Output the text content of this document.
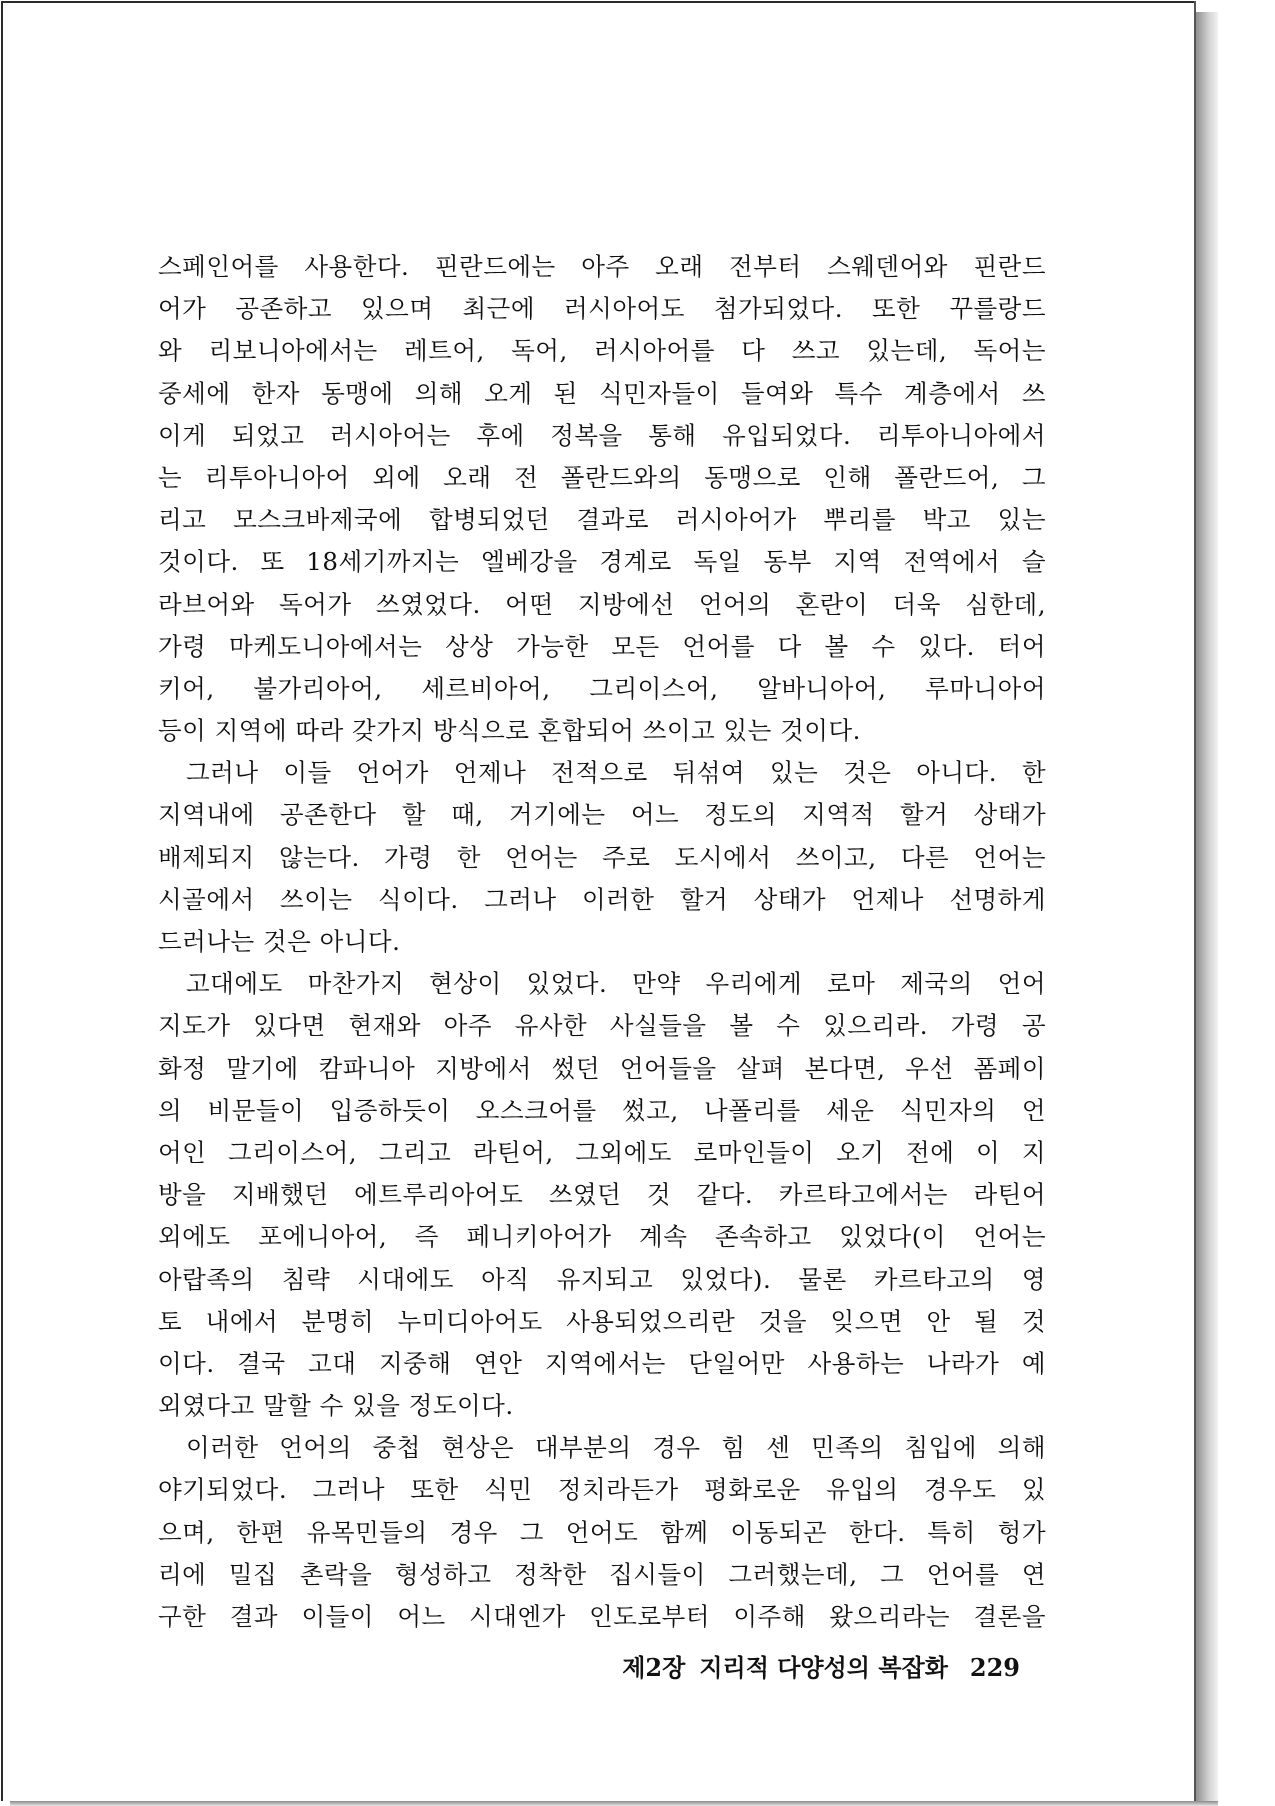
스페인어를 사용한다. 핀란드에는 아주 오래 전부터 스웨덴어와 핀란드
어가 공존하고 있으며 최근에 러시아어도 첨가되었다. 또한 꾸를랑드
와 리보니아에서는 레트어, 독어, 러시아어를 다 쓰고 있는데, 독어는
중세에 한자 동맹에 의해 오게 된 식민자들이 들여와 특수 계층에서 쓰
이게 되었고 러시아어는 후에 정복을 통해 유입되었다. 리투아니아에서
는 리투아니아어 외에 오래 전 폴란드와의 동맹으로 인해 폴란드어, 그
리고 모스크바제국에 합병되었던 결과로 러시아어가 뿌리를 박고 있는
것이다. 또 18세기까지는 엘베강을 경계로 독일 동부 지역 전역에서 슬
라브어와 독어가 쓰였었다. 어떤 지방에선 언어의 혼란이 더욱 심한데,
가령 마케도니아에서는 상상 가능한 모든 언어를 다 볼 수 있다. 터어
키어, 불가리아어, 세르비아어, 그리이스어, 알바니아어, 루마니아어
등이 지역에 따라 갖가지 방식으로 혼합되어 쓰이고 있는 것이다.
그러나 이들 언어가 언제나 전적으로 뒤섞여 있는 것은 아니다. 한
지역내에 공존한다 할 때, 거기에는 어느 정도의 지역적 할거 상태가
배제되지 않는다. 가령 한 언어는 주로 도시에서 쓰이고, 다른 언어는
시골에서 쓰이는 식이다. 그러나 이러한 할거 상태가 언제나 선명하게
드러나는 것은 아니다.
고대에도 마찬가지 현상이 있었다. 만약 우리에게 로마 제국의 언어
지도가 있다면 현재와 아주 유사한 사실들을 볼 수 있으리라. 가령 공
화정 말기에 캄파니아 지방에서 썼던 언어들을 살펴 본다면, 우선 폼페이
의 비문들이 입증하듯이 오스크어를 썼고, 나폴리를 세운 식민자의 언
어인 그리이스어, 그리고 라틴어, 그외에도 로마인들이 오기 전에 이 지
방을 지배했던 에트루리아어도 쓰였던 것 같다. 카르타고에서는 라틴어
외에도 포에니아어, 즉 페니키아어가 계속 존속하고 있었다(이 언어는
아랍족의 침략 시대에도 아직 유지되고 있었다). 물론 카르타고의 영
토 내에서 분명히 누미디아어도 사용되었으리란 것을 잊으면 안 될 것
이다. 결국 고대 지중해 연안 지역에서는 단일어만 사용하는 나라가 예
외였다고 말할 수 있을 정도이다.
이러한 언어의 중첩 현상은 대부분의 경우 힘 센 민족의 침입에 의해
야기되었다. 그러나 또한 식민 정치라든가 평화로운 유입의 경우도 있
으며, 한편 유목민들의 경우 그 언어도 함께 이동되곤 한다. 특히 헝가
리에 밀집 촌락을 형성하고 정착한 집시들이 그러했는데, 그 언어를 연
구한 결과 이들이 어느 시대엔가 인도로부터 이주해 왔으리라는 결론을
제2장 지리적 다양성의 복잡화 229
